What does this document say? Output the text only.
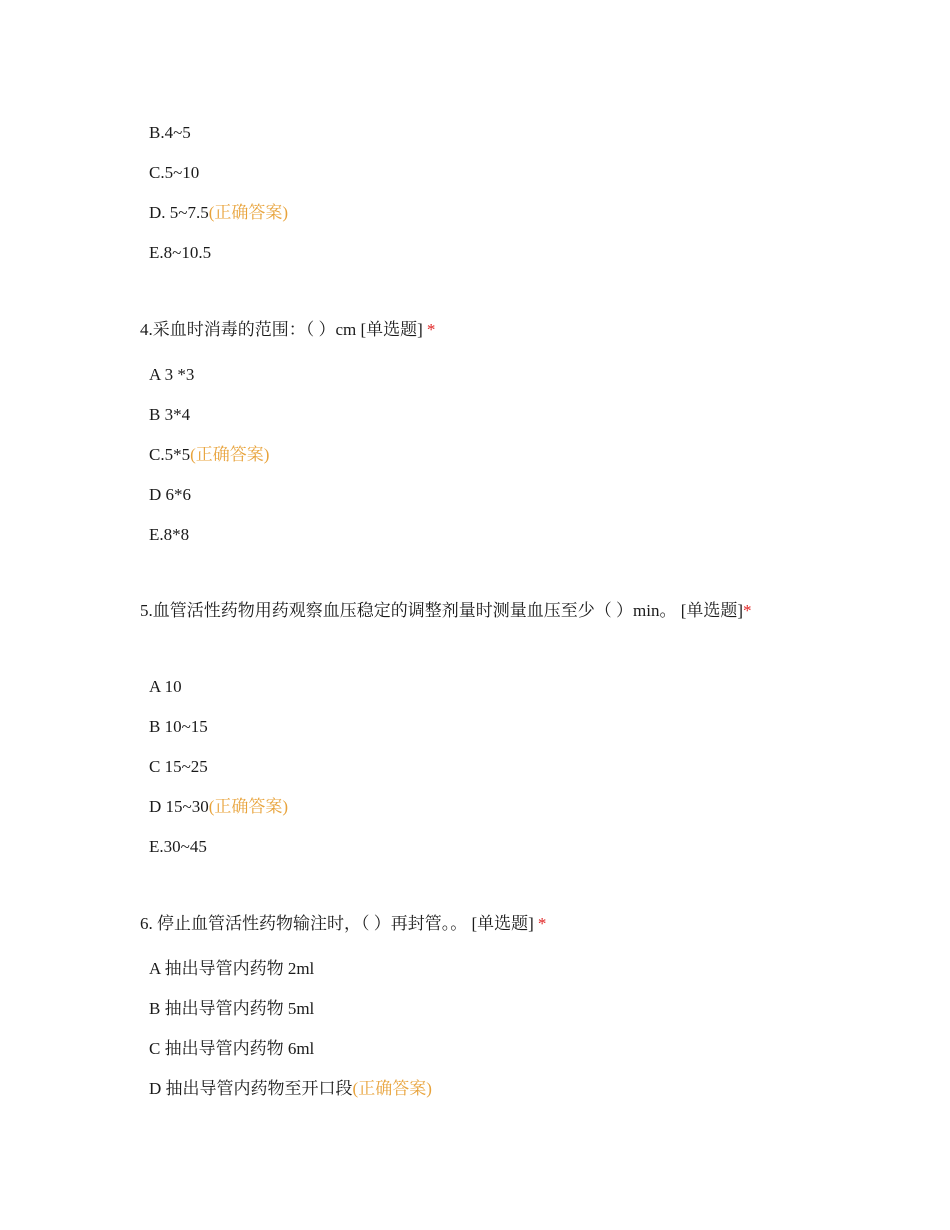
B.4~5
C.5~10
D. 5~7.5(正确答案)
E.8~10.5
4.采血时消毒的范围：（ ）cm [单选题] *
A 3 *3
B 3*4
C.5*5(正确答案)
D 6*6
E.8*8
5.血管活性药物用药观察血压稳定的调整剂量时测量血压至少（ ）min。 [单选题]*
A 10
B 10~15
C 15~25
D 15~30(正确答案)
E.30~45
6. 停止血管活性药物输注时，（ ）再封管。。 [单选题] *
A 抽出导管内药物 2ml
B 抽出导管内药物 5ml
C 抽出导管内药物 6ml
D 抽出导管内药物至开口段(正确答案)
